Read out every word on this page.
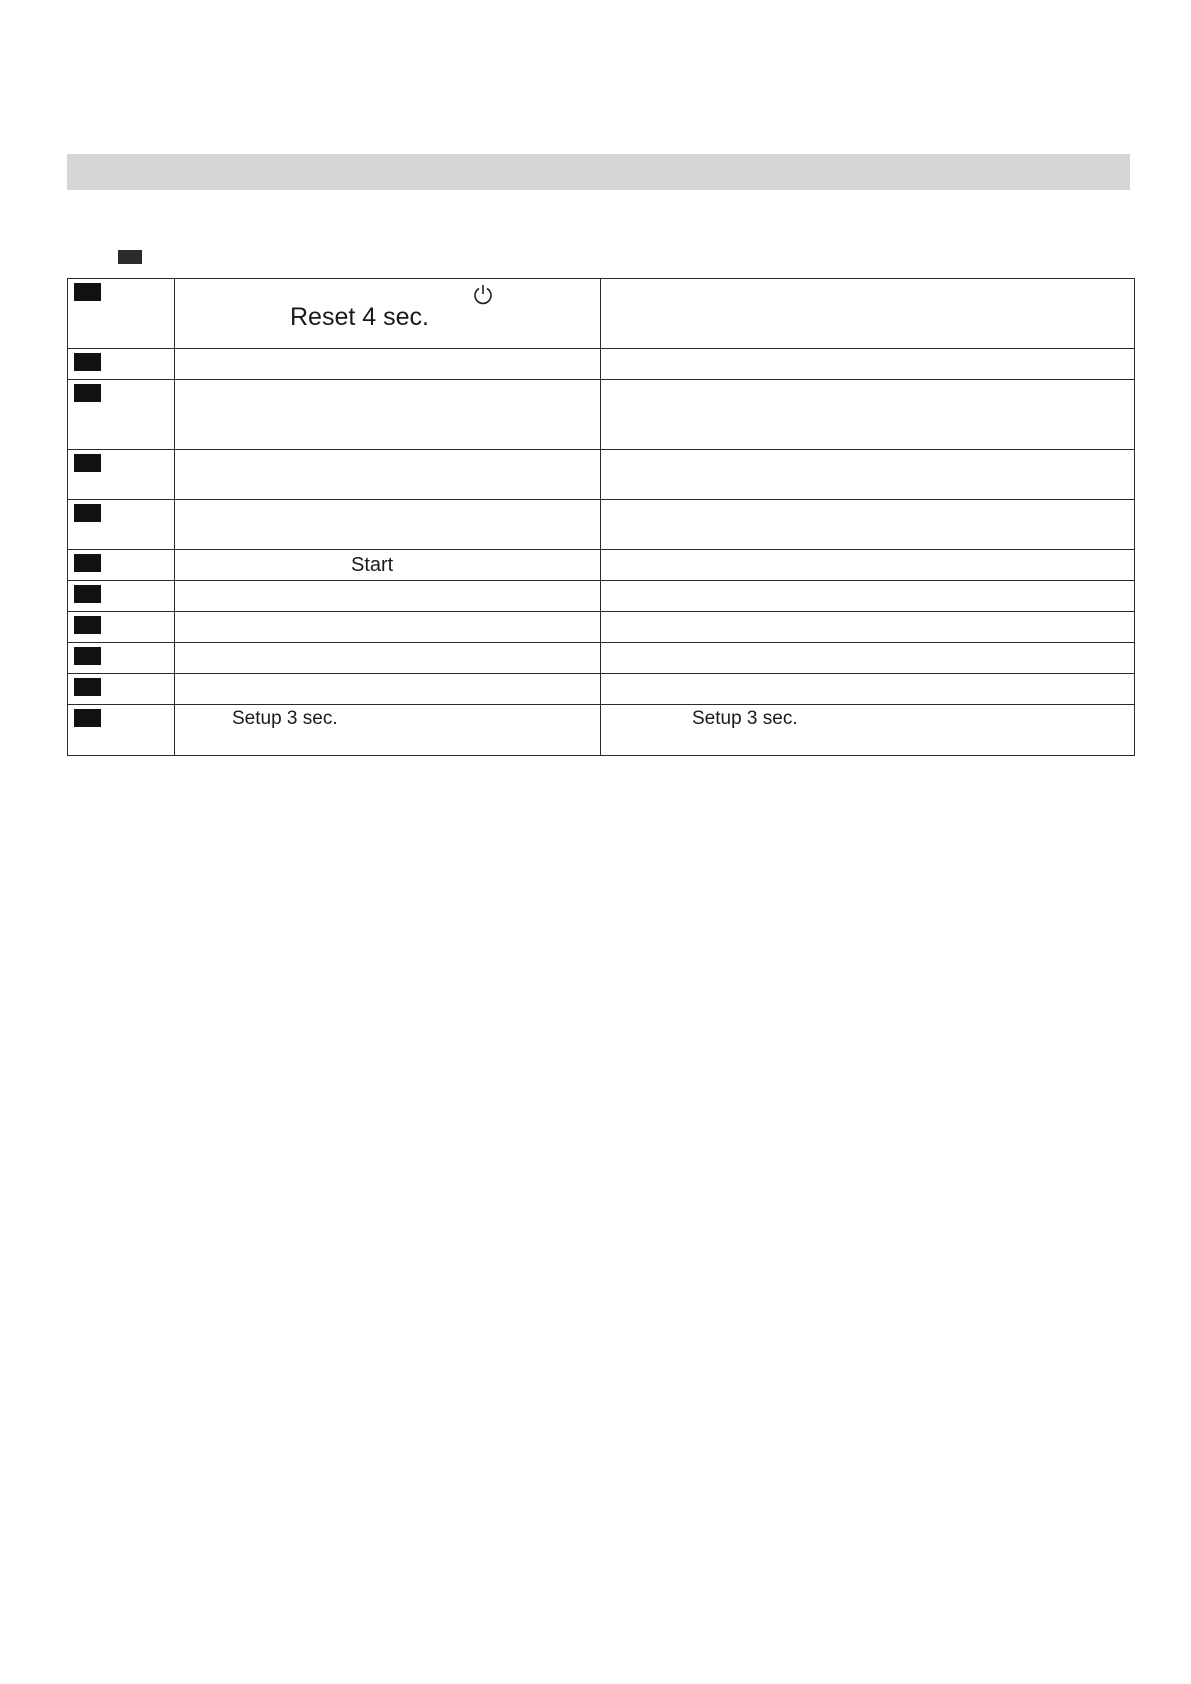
	Reset 4 sec.	

	Start	

	Setup 3 sec.	Setup 3 sec.
